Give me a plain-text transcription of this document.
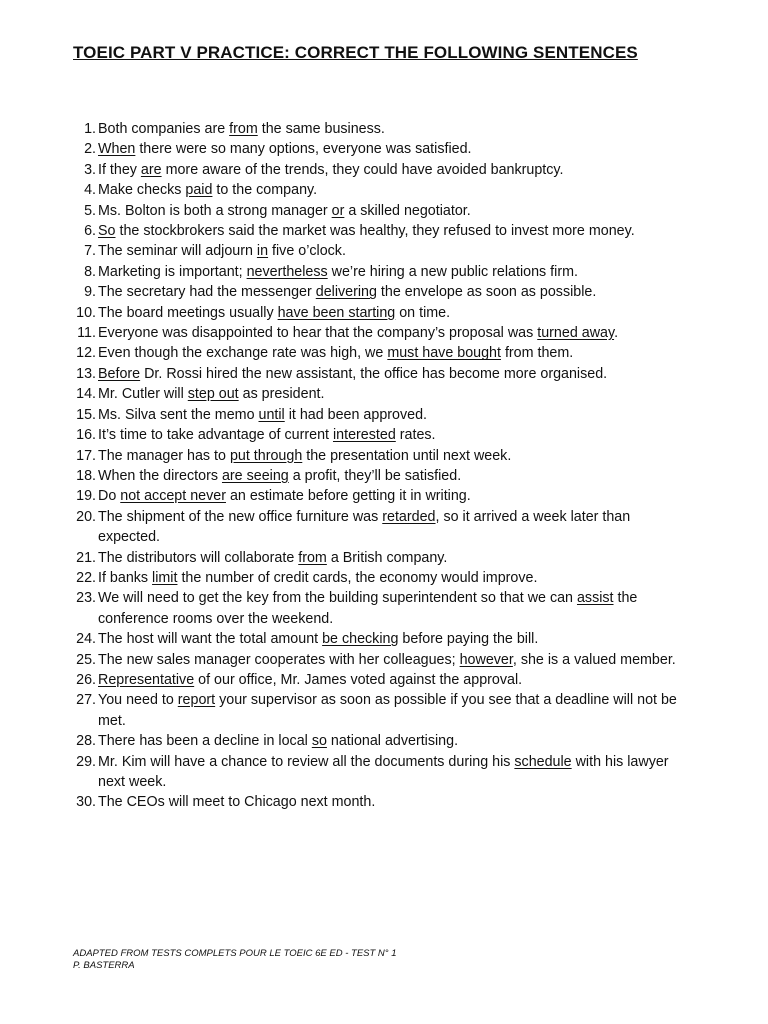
TOEIC PART V PRACTICE: CORRECT THE FOLLOWING SENTENCES
1. Both companies are from the same business.
2. When there were so many options, everyone was satisfied.
3. If they are more aware of the trends, they could have avoided bankruptcy.
4. Make checks paid to the company.
5. Ms. Bolton is both a strong manager or a skilled negotiator.
6. So the stockbrokers said the market was healthy, they refused to invest more money.
7. The seminar will adjourn in five o’clock.
8. Marketing is important; nevertheless we’re hiring a new public relations firm.
9. The secretary had the messenger delivering the envelope as soon as possible.
10. The board meetings usually have been starting on time.
11. Everyone was disappointed to hear that the company’s proposal was turned away.
12. Even though the exchange rate was high, we must have bought from them.
13. Before Dr. Rossi hired the new assistant, the office has become more organised.
14. Mr. Cutler will step out as president.
15. Ms. Silva sent the memo until it had been approved.
16. It’s time to take advantage of current interested rates.
17. The manager has to put through the presentation until next week.
18. When the directors are seeing a profit, they’ll be satisfied.
19. Do not accept never an estimate before getting it in writing.
20. The shipment of the new office furniture was retarded, so it arrived a week later than expected.
21. The distributors will collaborate from a British company.
22. If banks limit the number of credit cards, the economy would improve.
23. We will need to get the key from the building superintendent so that we can assist the conference rooms over the weekend.
24. The host will want the total amount be checking before paying the bill.
25. The new sales manager cooperates with her colleagues; however, she is a valued member.
26. Representative of our office, Mr. James voted against the approval.
27. You need to report your supervisor as soon as possible if you see that a deadline will not be met.
28. There has been a decline in local so national advertising.
29. Mr. Kim will have a chance to review all the documents during his schedule with his lawyer next week.
30. The CEOs will meet to Chicago next month.
ADAPTED FROM TESTS COMPLETS POUR LE TOEIC 6E ED - TEST N° 1
P. BASTERRA
